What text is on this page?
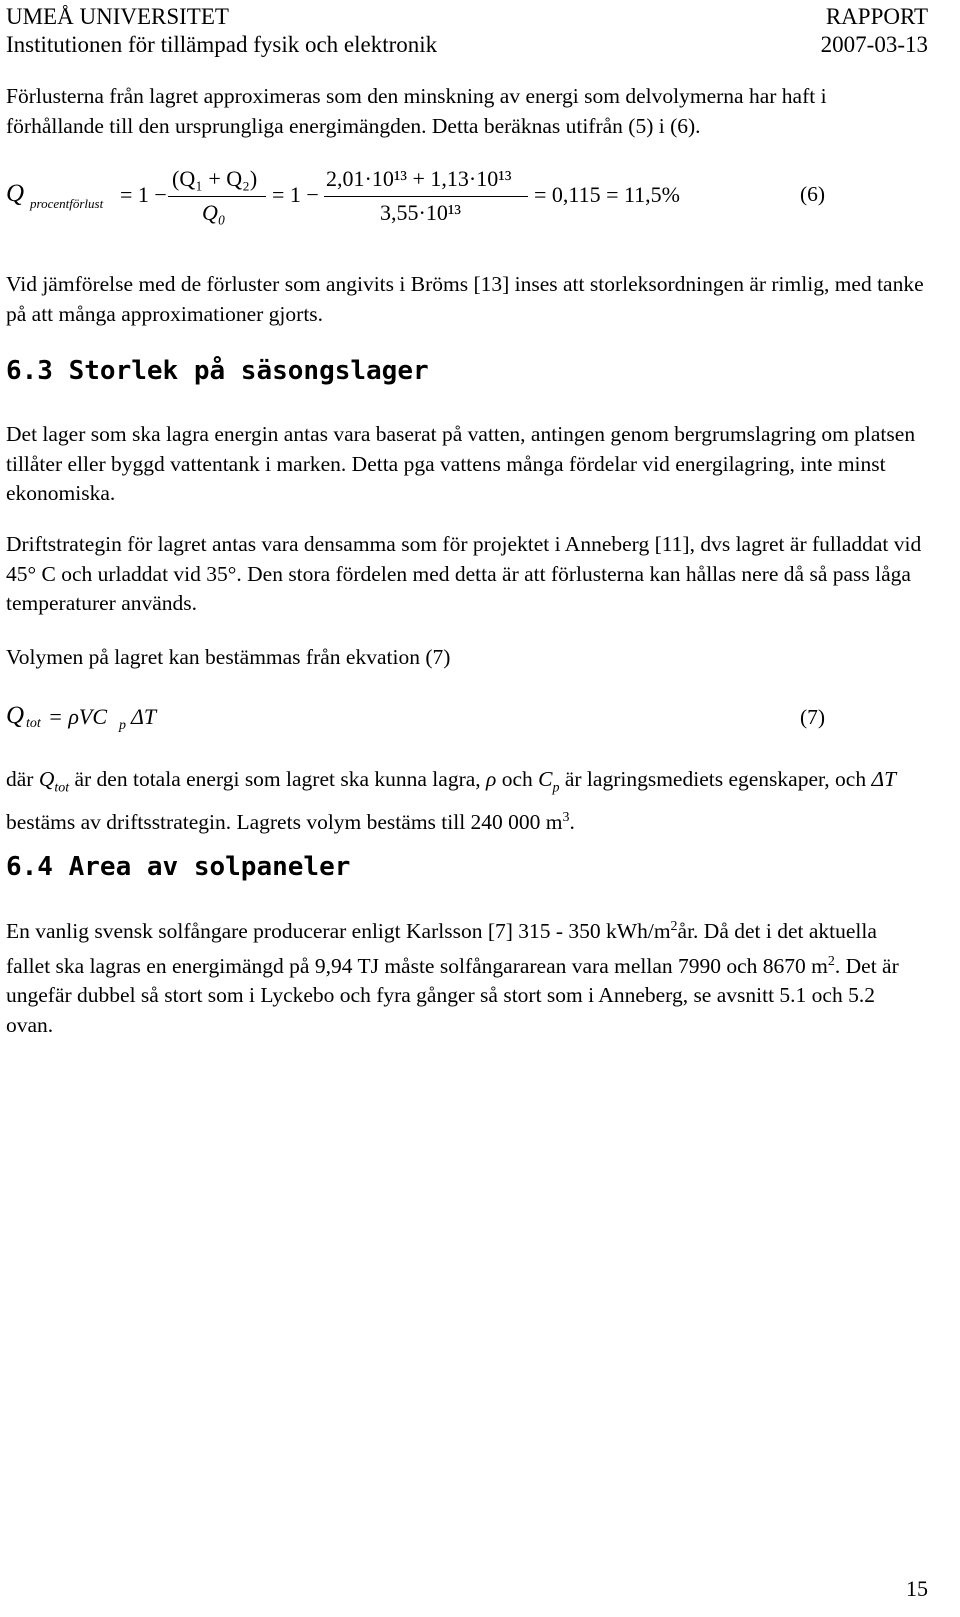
UMEÅ UNIVERSITET	RAPPORT
Institutionen för tillämpad fysik och elektronik	2007-03-13
Förlusterna från lagret approximeras som den minskning av energi som delvolymerna har haft i förhållande till den ursprungliga energimängden. Detta beräknas utifrån (5) i (6).
Q procentförlust = 1 −
(Q₁ + Q₂)
Q₀
= 1 −
2,01·10¹³ + 1,13·10¹³
3,55·10¹³
= 0,115 = 11,5%	(6)
Vid jämförelse med de förluster som angivits i Bröms [13] inses att storleksordningen är rimlig, med tanke på att många approximationer gjorts.
6.3 Storlek på säsongslager
Det lager som ska lagra energin antas vara baserat på vatten, antingen genom bergrumslagring om platsen tillåter eller byggd vattentank i marken. Detta pga vattens många fördelar vid energilagring, inte minst ekonomiska.
Driftstrategin för lagret antas vara densamma som för projektet i Anneberg [11], dvs lagret är fulladdat vid 45° C och urladdat vid 35°. Den stora fördelen med detta är att förlusterna kan hållas nere då så pass låga temperaturer används.
Volymen på lagret kan bestämmas från ekvation (7)
Q tot = ρVC p ΔT	(7)
där $Q_{tot}$ är den totala energi som lagret ska kunna lagra, ρ och $C_p$ är lagringsmediets egenskaper, och ΔT bestäms av driftsstrategin. Lagrets volym bestäms till 240 000 $m^3$.
6.4 Area av solpaneler
En vanlig svensk solfångare producerar enligt Karlsson [7] 315 - 350 kWh/$m^2år$. Då det i det aktuella fallet ska lagras en energimängd på 9,94 TJ måste solfångararean vara mellan 7990 och 8670 $m^2$. Det är ungefär dubbel så stort som i Lyckebo och fyra gånger så stort som i Anneberg, se avsnitt 5.1 och 5.2 ovan.
15
